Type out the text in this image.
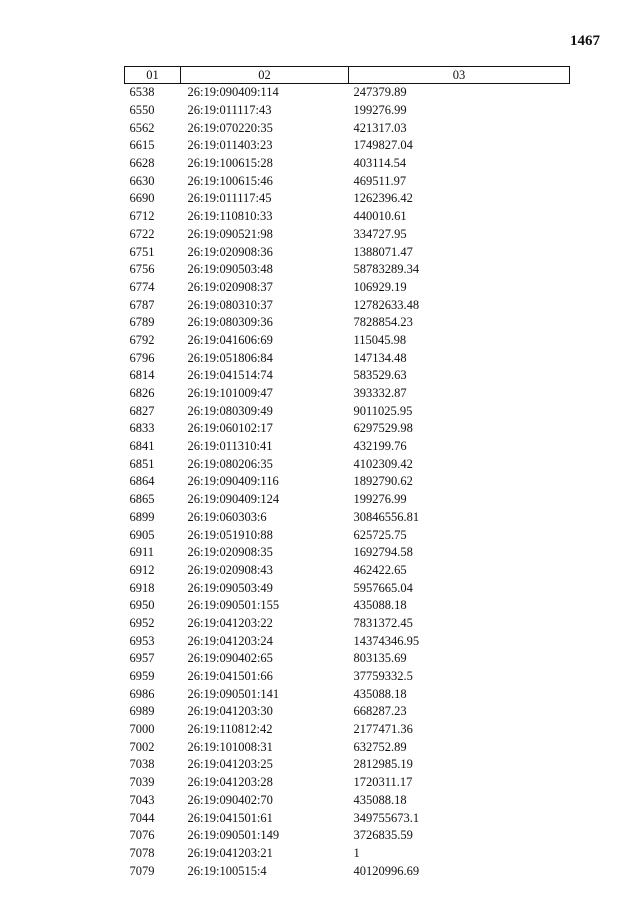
1467
01	02	03
6538	26:19:090409:114	247379.89
6550	26:19:011117:43	199276.99
6562	26:19:070220:35	421317.03
6615	26:19:011403:23	1749827.04
6628	26:19:100615:28	403114.54
6630	26:19:100615:46	469511.97
6690	26:19:011117:45	1262396.42
6712	26:19:110810:33	440010.61
6722	26:19:090521:98	334727.95
6751	26:19:020908:36	1388071.47
6756	26:19:090503:48	58783289.34
6774	26:19:020908:37	106929.19
6787	26:19:080310:37	12782633.48
6789	26:19:080309:36	7828854.23
6792	26:19:041606:69	115045.98
6796	26:19:051806:84	147134.48
6814	26:19:041514:74	583529.63
6826	26:19:101009:47	393332.87
6827	26:19:080309:49	9011025.95
6833	26:19:060102:17	6297529.98
6841	26:19:011310:41	432199.76
6851	26:19:080206:35	4102309.42
6864	26:19:090409:116	1892790.62
6865	26:19:090409:124	199276.99
6899	26:19:060303:6	30846556.81
6905	26:19:051910:88	625725.75
6911	26:19:020908:35	1692794.58
6912	26:19:020908:43	462422.65
6918	26:19:090503:49	5957665.04
6950	26:19:090501:155	435088.18
6952	26:19:041203:22	7831372.45
6953	26:19:041203:24	14374346.95
6957	26:19:090402:65	803135.69
6959	26:19:041501:66	37759332.5
6986	26:19:090501:141	435088.18
6989	26:19:041203:30	668287.23
7000	26:19:110812:42	2177471.36
7002	26:19:101008:31	632752.89
7038	26:19:041203:25	2812985.19
7039	26:19:041203:28	1720311.17
7043	26:19:090402:70	435088.18
7044	26:19:041501:61	349755673.1
7076	26:19:090501:149	3726835.59
7078	26:19:041203:21	1
7079	26:19:100515:4	40120996.69
